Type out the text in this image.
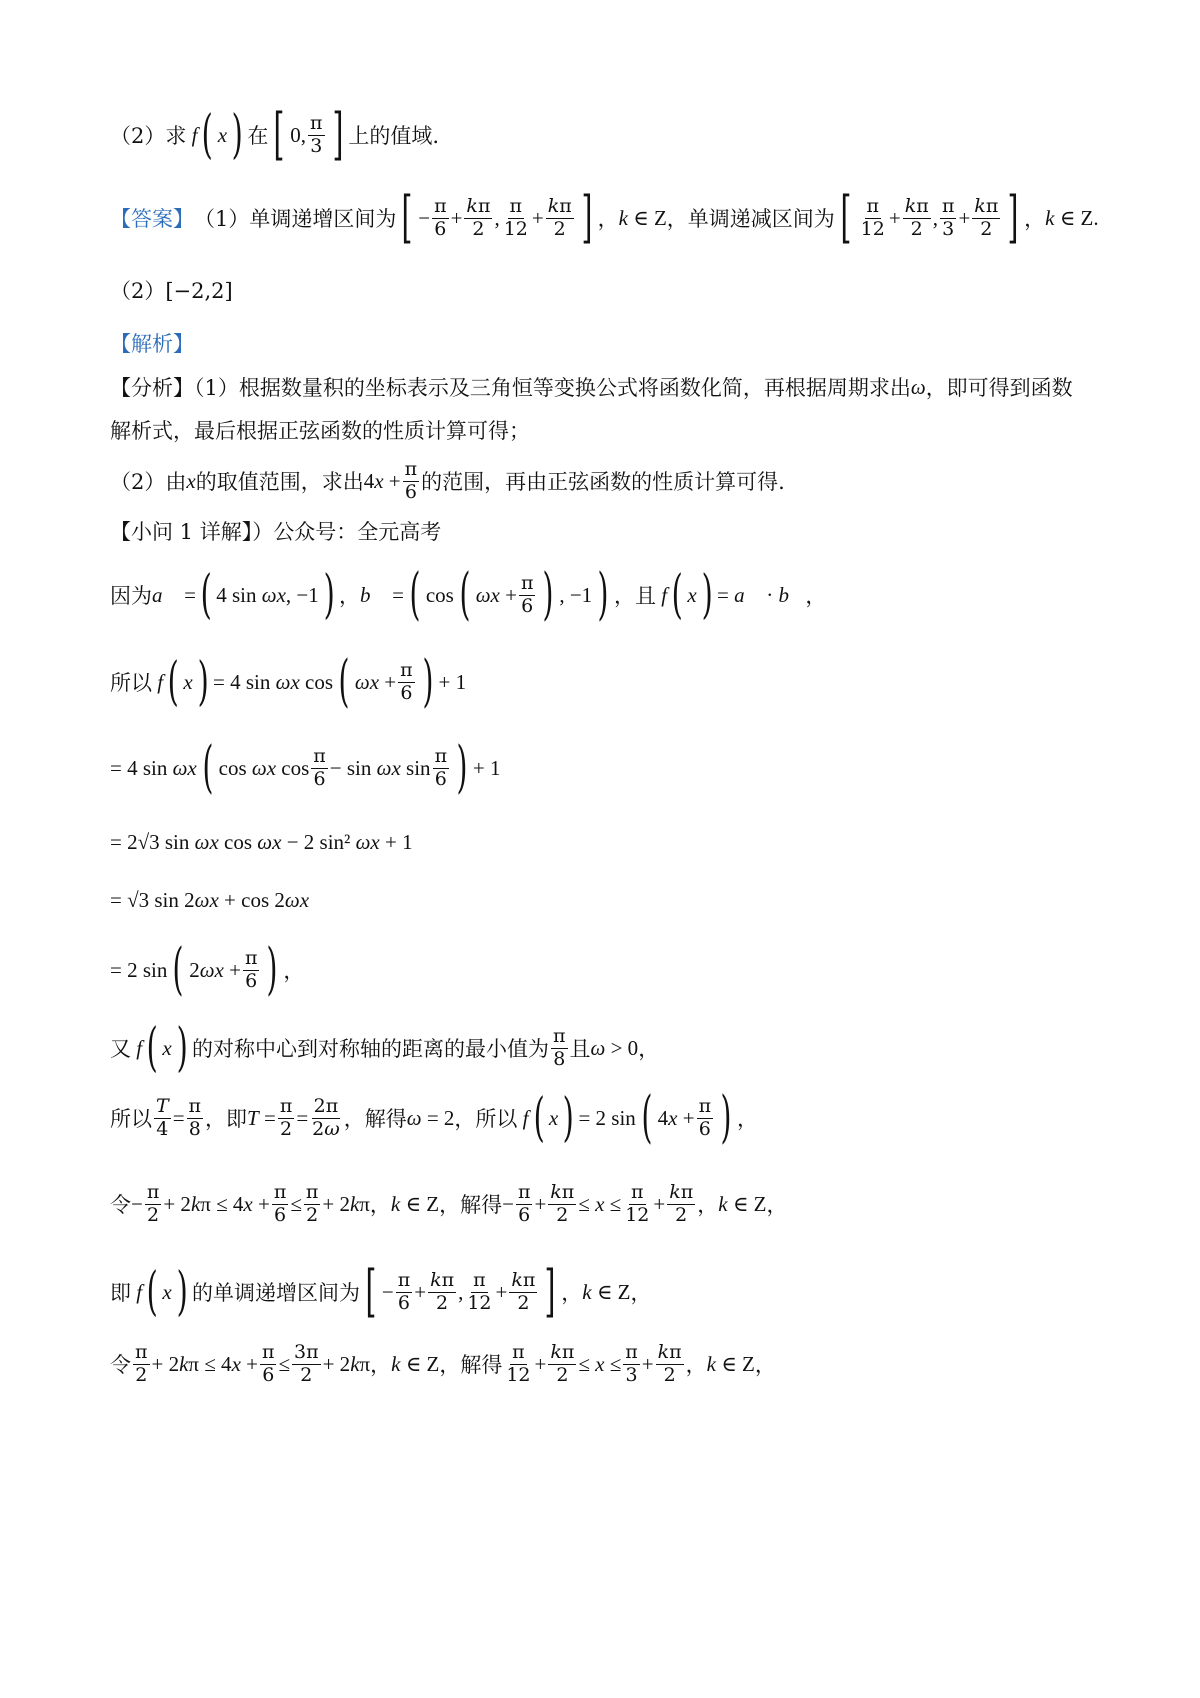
（2）求 f ( x ) 在 [ 0, $\frac{\pi}{3}$ ] 上的值域.
【答案】 （1）单调递增区间为 [ − $\frac{\pi}{6} + \frac{k\pi}{2}$ , $\frac{\pi}{12} + \frac{k\pi}{2}$ ] ， k ∈ Z ，单调递减区间为 [ $\frac{\pi}{12} + \frac{k\pi}{2}$ , $\frac{\pi}{3} + \frac{k\pi}{2}$ ] ， k ∈ Z.
（2）[−2,2]
【解析】
【分析】（1）根据数量积的坐标表示及三角恒等变换公式将函数化简，再根据周期求出 ω ，即可得到函数
解析式，最后根据正弦函数的性质计算可得；
（2）由 x 的取值范围，求出 $4x + \frac{\pi}{6}$ 的范围，再由正弦函数的性质计算可得.
【小问 1 详解】）公众号：全元高考
因为 a⃗ = ( 4 sin ωx, −1 ) ， b⃗ = ( cos ( $\omega x + \frac{\pi}{6}$ ) , −1 ) ，且 f ( x ) = a⃗ · b⃗ ，
所以 f ( x ) = 4 sin ωx cos ( $\omega x + \frac{\pi}{6}$ ) + 1
= 4 sin ωx ( cos ωx $\cos \frac{\pi}{6} - \sin \omega x$ $\sin \frac{\pi}{6}$ ) + 1
= 2√3 sin ωx cos ωx − 2 sin² ωx + 1
= √3 sin 2ωx + cos 2ωx
= 2 sin ( $2\omega x + \frac{\pi}{6}$ ) ，
又 f ( x ) 的对称中心到对称轴的距离的最小值为 $\frac{\pi}{8}$ 且 ω > 0 ，
所以 $\frac{T}{4} = \frac{\pi}{8}$ ，即 $T = \frac{\pi}{2} = \frac{2\pi}{2\omega}$ ，解得 ω = 2 ，所以 f ( x ) = 2 sin ( $4x + \frac{\pi}{6}$ ) ，
令 − $\frac{\pi}{2} + 2k\pi \le 4x + \frac{\pi}{6} \le \frac{\pi}{2} + 2k\pi$ ， k ∈ Z ，解得 − $\frac{\pi}{6} + \frac{k\pi}{2} \le x \le \frac{\pi}{12} + \frac{k\pi}{2}$ ， k ∈ Z ，
即 f ( x ) 的单调递增区间为 [ − $\frac{\pi}{6} + \frac{k\pi}{2}$ , $\frac{\pi}{12} + \frac{k\pi}{2}$ ] ， k ∈ Z ，
令 $\frac{\pi}{2} + 2k\pi \le 4x + \frac{\pi}{6} \le \frac{3\pi}{2} + 2k\pi$ ， k ∈ Z ，解得 $\frac{\pi}{12} + \frac{k\pi}{2} \le x \le \frac{\pi}{3} + \frac{k\pi}{2}$ ， k ∈ Z ，
